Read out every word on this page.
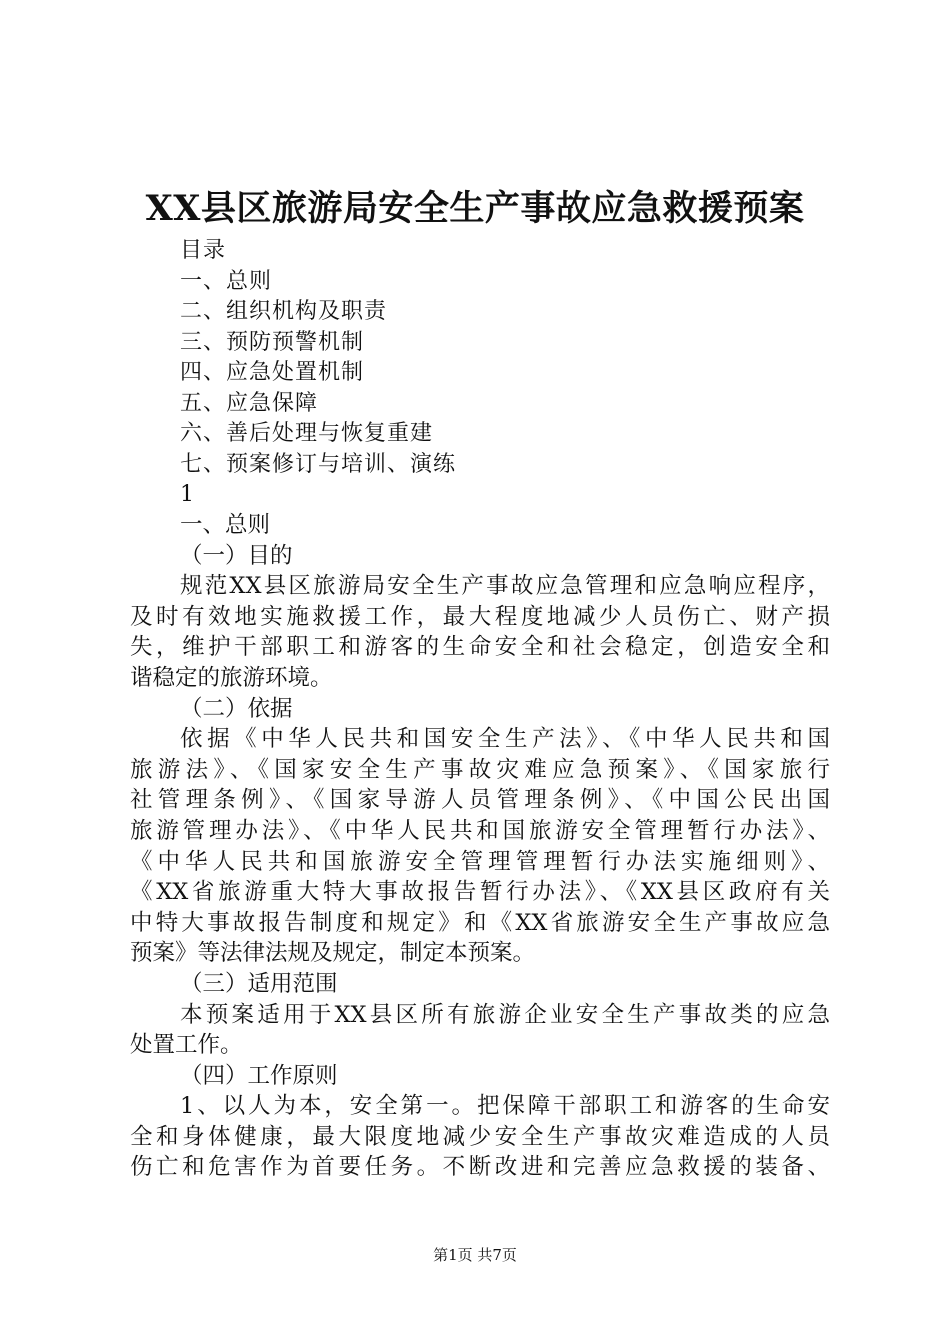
XX县区旅游局安全生产事故应急救援预案
目录
一、总则
二、组织机构及职责
三、预防预警机制
四、应急处置机制
五、应急保障
六、善后处理与恢复重建
七、预案修订与培训、演练
1
一、总则
（一）目的
规范XX县区旅游局安全生产事故应急管理和应急响应程序，
及时有效地实施救援工作，最大程度地减少人员伤亡、财产损
失，维护干部职工和游客的生命安全和社会稳定，创造安全和
谐稳定的旅游环境。
（二）依据
依据《中华人民共和国安全生产法》、《中华人民共和国
旅游法》、《国家安全生产事故灾难应急预案》、《国家旅行
社管理条例》、《国家导游人员管理条例》、《中国公民出国
旅游管理办法》、《中华人民共和国旅游安全管理暂行办法》、
《中华人民共和国旅游安全管理管理暂行办法实施细则》、
《XX省旅游重大特大事故报告暂行办法》、《XX县区政府有关
中特大事故报告制度和规定》和《XX省旅游安全生产事故应急
预案》等法律法规及规定，制定本预案。
（三）适用范围
本预案适用于XX县区所有旅游企业安全生产事故类的应急
处置工作。
（四）工作原则
1、以人为本，安全第一。把保障干部职工和游客的生命安
全和身体健康，最大限度地减少安全生产事故灾难造成的人员
伤亡和危害作为首要任务。不断改进和完善应急救援的装备、
第1页 共7页
